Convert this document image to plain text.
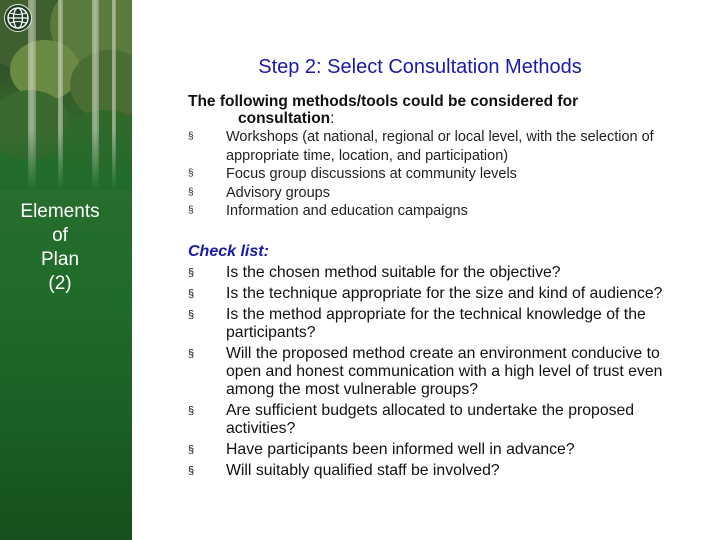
Elements
of
Plan
(2)
Step 2: Select Consultation Methods
The following methods/tools could be considered for
consultation:
§ Workshops (at national, regional or local level, with the selection of appropriate time, location, and participation)
§ Focus group discussions at community levels
§ Advisory groups
§ Information and education campaigns
Check list:
§ Is the chosen method suitable for the objective?
§ Is the technique appropriate for the size and kind of audience?
§ Is the method appropriate for the technical knowledge of the participants?
§ Will the proposed method create an environment conducive to open and honest communication with a high level of trust even among the most vulnerable groups?
§ Are sufficient budgets allocated to undertake the proposed activities?
§ Have participants been informed well in advance?
§ Will suitably qualified staff be involved?
